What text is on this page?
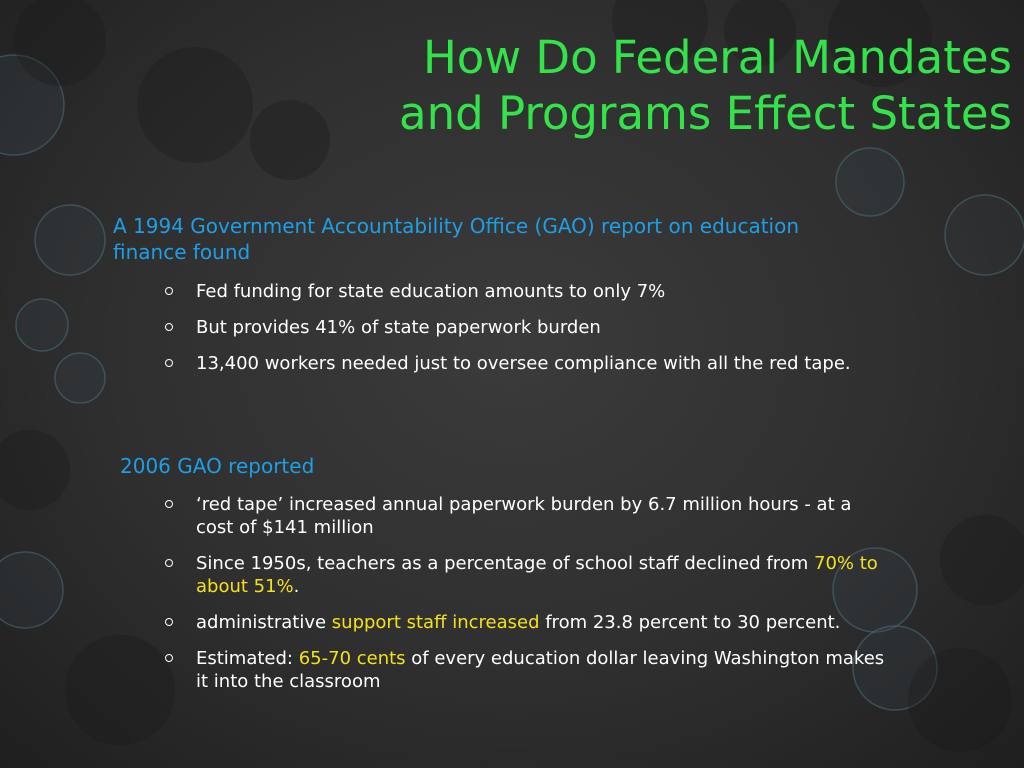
How Do Federal Mandates
and Programs Effect States

A 1994 Government Accountability Office (GAO) report on education finance found

Fed funding for state education amounts to only 7%
But provides 41% of state paperwork burden
13,400 workers needed just to oversee compliance with all the red tape.

2006 GAO reported

‘red tape’ increased annual paperwork burden by 6.7 million hours - at a cost of $141 million
Since 1950s, teachers as a percentage of school staff declined from 70% to about 51%.
administrative support staff increased from 23.8 percent to 30 percent.
Estimated: 65-70 cents of every education dollar leaving Washington makes it into the classroom
